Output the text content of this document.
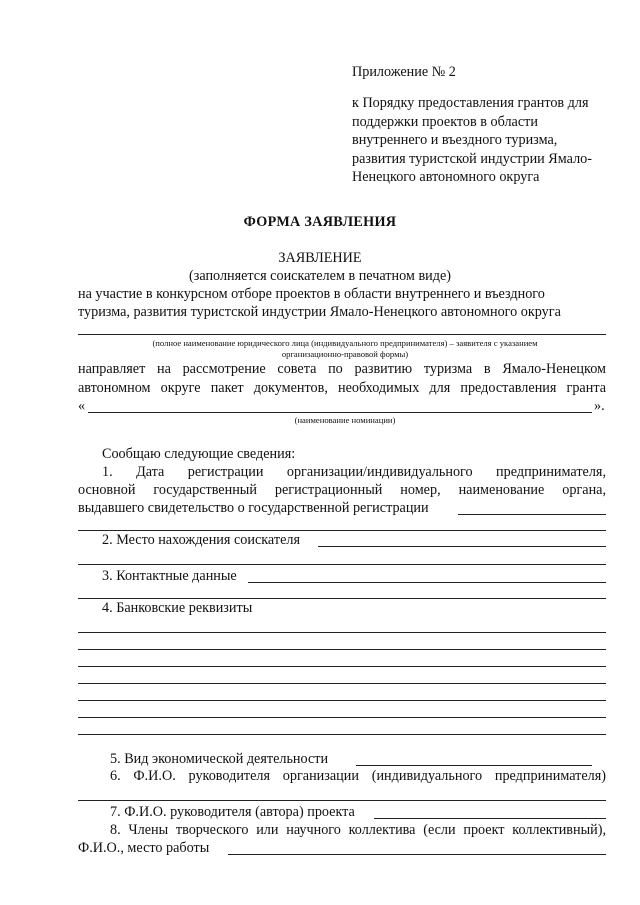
Приложение № 2
к Порядку предоставления грантов для
поддержки проектов в области
внутреннего и въездного туризма,
развития туристской индустрии Ямало-
Ненецкого автономного округа
ФОРМА ЗАЯВЛЕНИЯ
ЗАЯВЛЕНИЕ
(заполняется соискателем в печатном виде)
на участие в конкурсном отборе проектов в области внутреннего и въездного
туризма, развития туристской индустрии Ямало-Ненецкого автономного округа
(полное наименование юридического лица (индивидуального предпринимателя) – заявителя с указанием
организационно-правовой формы)
направляет на рассмотрение совета по развитию туризма в Ямало-Ненецком
автономном округе пакет документов, необходимых для предоставления гранта
«	».
(наименование номинации)
Сообщаю следующие сведения:
1. Дата регистрации организации/индивидуального предпринимателя,
основной государственный регистрационный номер, наименование органа,
выдавшего свидетельство о государственной регистрации
2. Место нахождения соискателя
3. Контактные данные
4. Банковские реквизиты
5. Вид экономической деятельности
6. Ф.И.О. руководителя организации (индивидуального предпринимателя)
7. Ф.И.О. руководителя (автора) проекта
8. Члены творческого или научного коллектива (если проект коллективный),
Ф.И.О., место работы
